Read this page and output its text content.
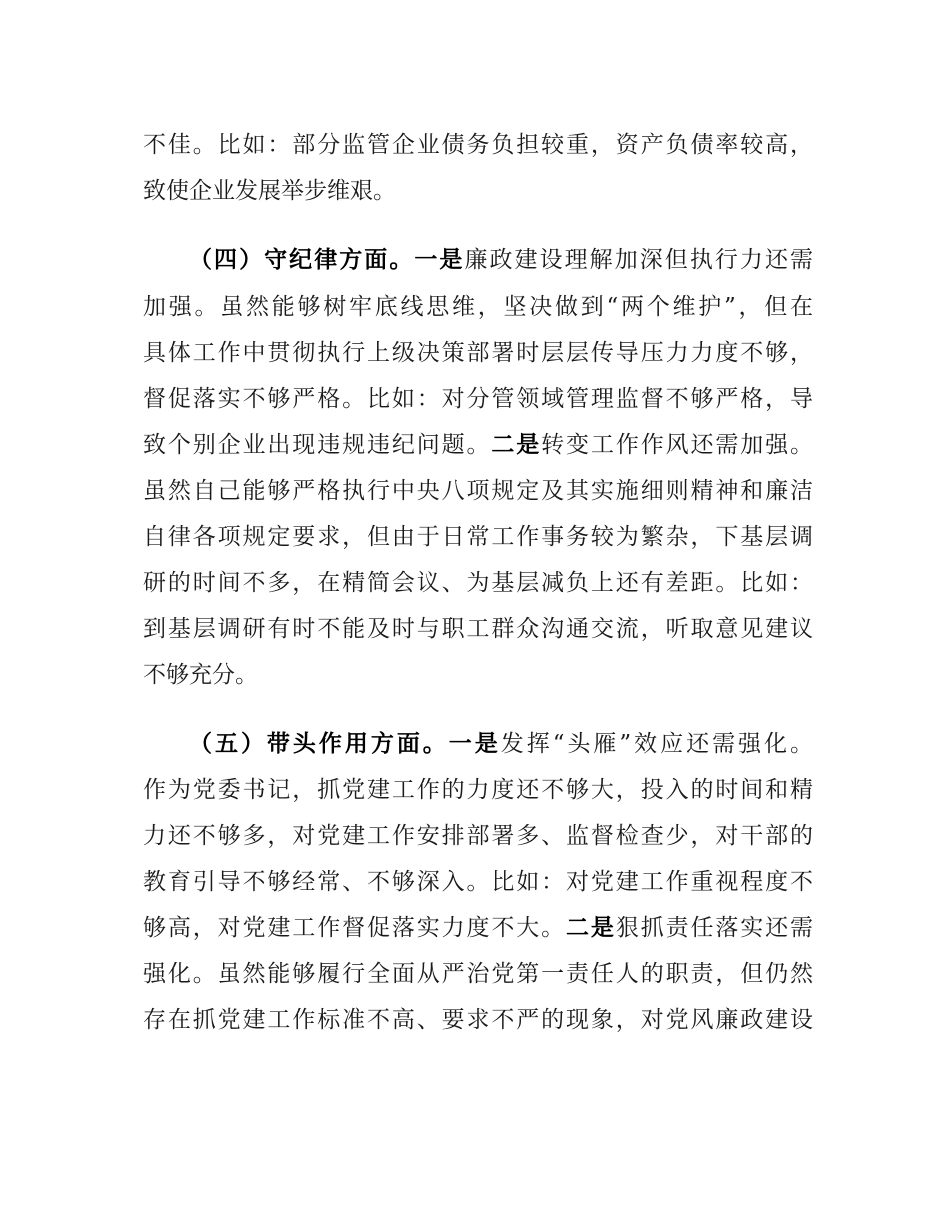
不佳。比如：部分监管企业债务负担较重，资产负债率较高，
致使企业发展举步维艰。
（四）守纪律方面。一是廉政建设理解加深但执行力还需
加强。虽然能够树牢底线思维，坚决做到“两个维护”，但在
具体工作中贯彻执行上级决策部署时层层传导压力力度不够，
督促落实不够严格。比如：对分管领域管理监督不够严格，导
致个别企业出现违规违纪问题。二是转变工作作风还需加强。
虽然自己能够严格执行中央八项规定及其实施细则精神和廉洁
自律各项规定要求，但由于日常工作事务较为繁杂，下基层调
研的时间不多，在精简会议、为基层减负上还有差距。比如：
到基层调研有时不能及时与职工群众沟通交流，听取意见建议
不够充分。
（五）带头作用方面。一是发挥“头雁”效应还需强化。
作为党委书记，抓党建工作的力度还不够大，投入的时间和精
力还不够多，对党建工作安排部署多、监督检查少，对干部的
教育引导不够经常、不够深入。比如：对党建工作重视程度不
够高，对党建工作督促落实力度不大。二是狠抓责任落实还需
强化。虽然能够履行全面从严治党第一责任人的职责，但仍然
存在抓党建工作标准不高、要求不严的现象，对党风廉政建设
